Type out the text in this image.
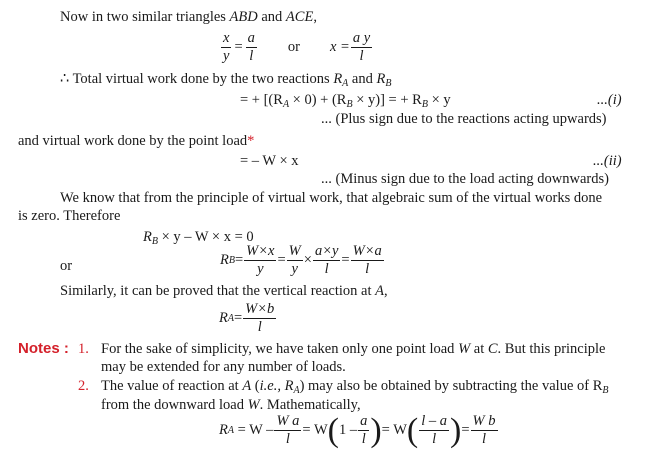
Now in two similar triangles ABD and ACE,
$\frac{x}{y} = \frac{a}{l}$ or $x = \frac{\text{a y}}{l}$
∴ Total virtual work done by the two reactions $R_A$ and $R_B$
= + $[(R_A \times 0) + (R_B \times y)]$ = + $R_B \times y$	...(i)
... (Plus sign due to the reactions acting upwards)
and virtual work done by the point load*
= – W × x	...(ii)
... (Minus sign due to the load acting downwards)
We know that from the principle of virtual work, that algebraic sum of the virtual works done
is zero. Therefore
$R_B \times y - W \times x = 0$
or	R $B = \frac{W\times x}{y} = \frac{W}{y} \times \frac{a\times y}{l} = \frac{W\times a}{l}$
Similarly, it can be proved that the vertical reaction at A,
R $A = \frac{W\times b}{l}$
Notes : 1. For the sake of simplicity, we have taken only one point load W at C. But this principle
may be extended for any number of loads.
2. The value of reaction at A (i.e., $R_A$) may also be obtained by subtracting the value of $R_B$
from the downward load W. Mathematically,
R A
= $W - \frac{\text{W a}}{l} = W$ ( $1 - \frac{a}{l}$ ) = W ( $\frac{l - a}{l}$ ) = $\frac{\text{W b}}{l}$
